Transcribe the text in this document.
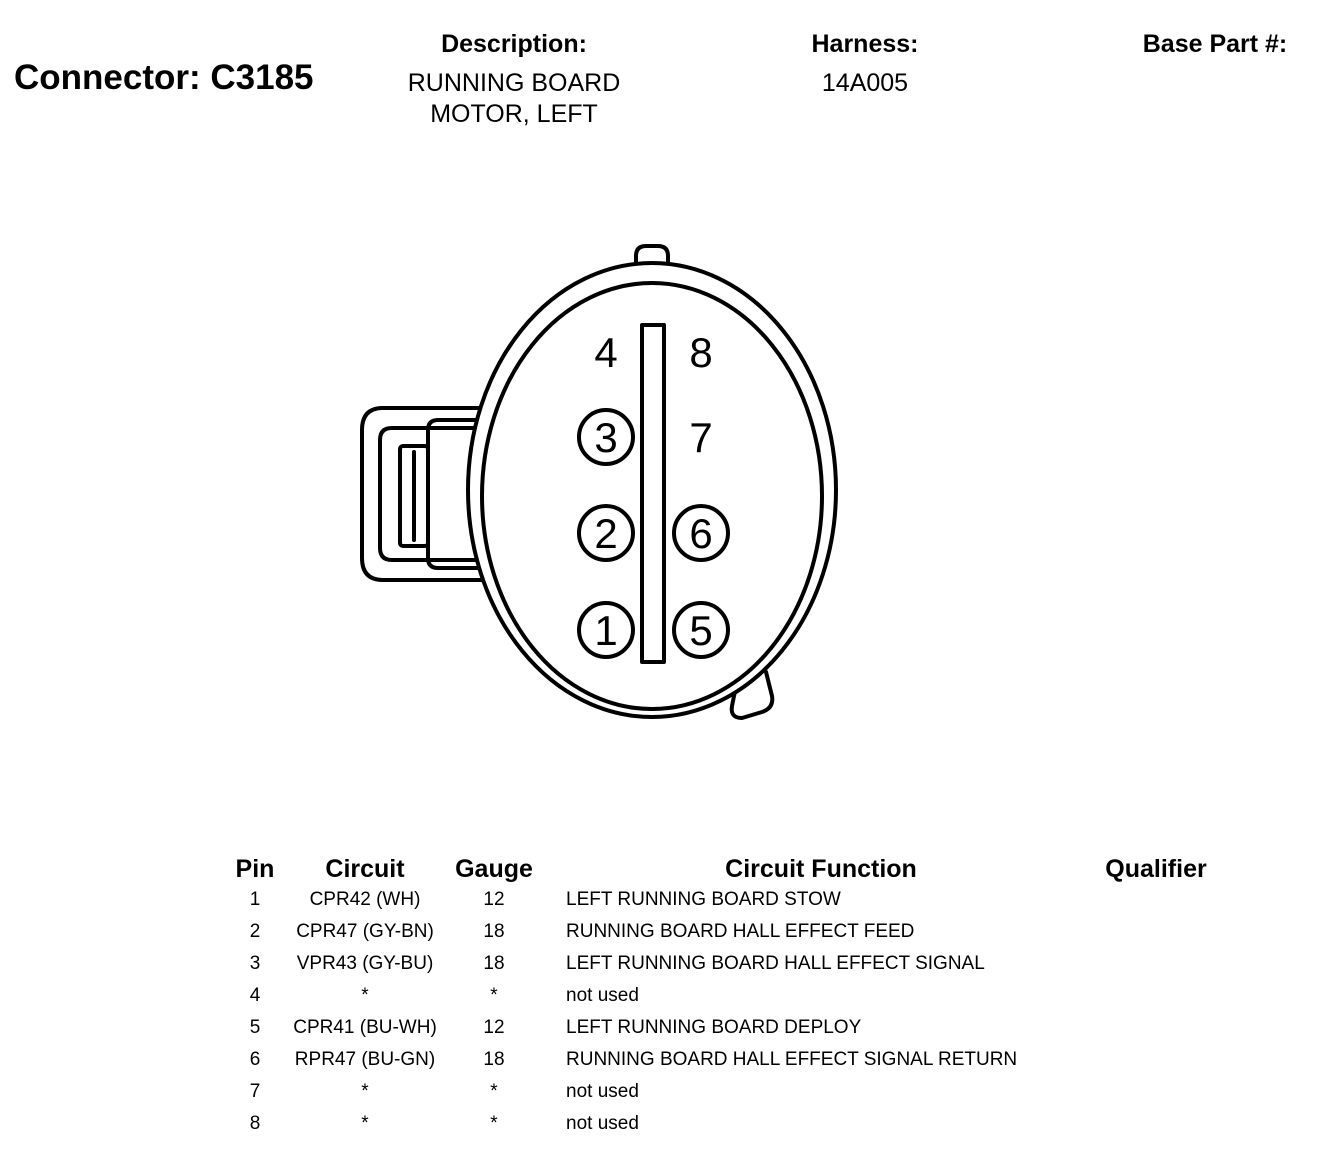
Connector: C3185
Description:
RUNNING BOARD
MOTOR, LEFT
Harness:
14A005
Base Part #:
4 8
3 7
2 6
1 5
Pin	Circuit	Gauge	Circuit Function	Qualifier
1	CPR42 (WH)	12	LEFT RUNNING BOARD STOW	
2	CPR47 (GY-BN)	18	RUNNING BOARD HALL EFFECT FEED	
3	VPR43 (GY-BU)	18	LEFT RUNNING BOARD HALL EFFECT SIGNAL	
4	*	*	not used	
5	CPR41 (BU-WH)	12	LEFT RUNNING BOARD DEPLOY	
6	RPR47 (BU-GN)	18	RUNNING BOARD HALL EFFECT SIGNAL RETURN	
7	*	*	not used	
8	*	*	not used	
